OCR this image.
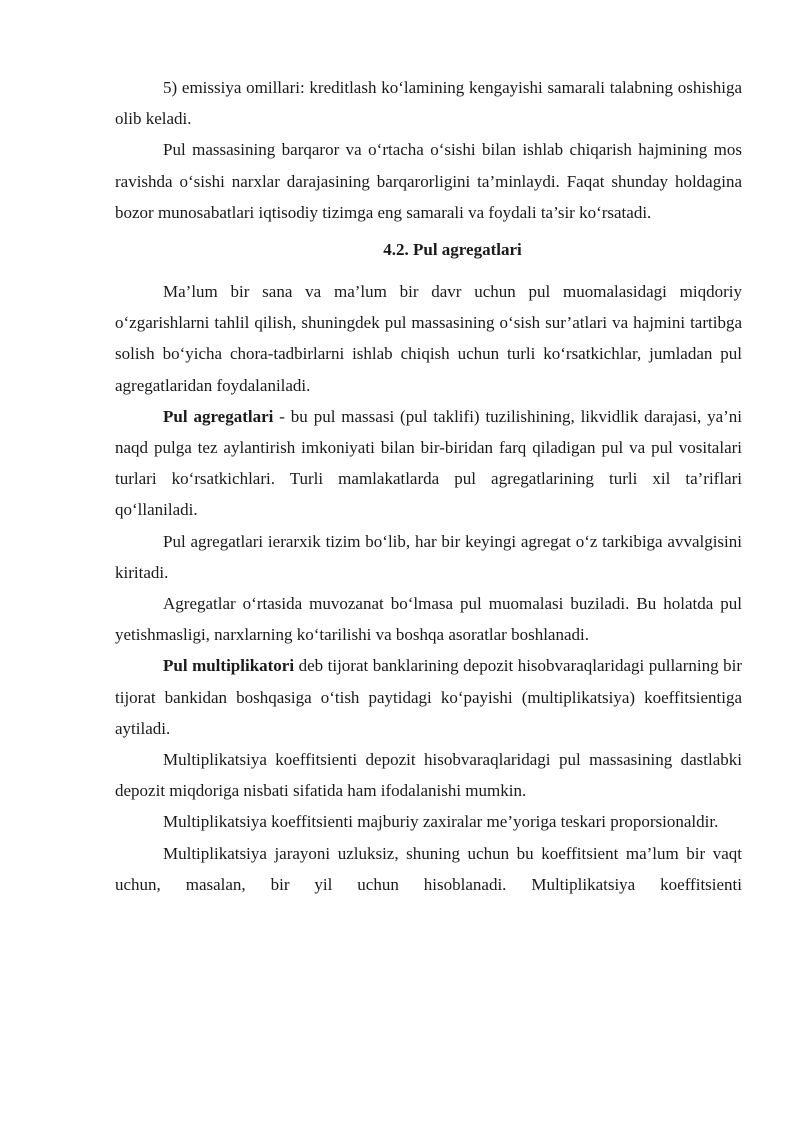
5) emissiya omillari: kreditlash ko‘lamining kengayishi samarali talabning oshishiga olib keladi.

Pul massasining barqaror va o‘rtacha o‘sishi bilan ishlab chiqarish hajmining mos ravishda o‘sishi narxlar darajasining barqarorligini ta’minlaydi. Faqat shunday holdagina bozor munosabatlari iqtisodiy tizimga eng samarali va foydali ta’sir ko‘rsatadi.

4.2. Pul agregatlari

Ma’lum bir sana va ma’lum bir davr uchun pul muomalasidagi miqdoriy o‘zgarishlarni tahlil qilish, shuningdek pul massasining o‘sish sur’atlari va hajmini tartibga solish bo‘yicha chora-tadbirlarni ishlab chiqish uchun turli ko‘rsatkichlar, jumladan pul agregatlaridan foydalaniladi.

Pul agregatlari - bu pul massasi (pul taklifi) tuzilishining, likvidlik darajasi, ya’ni naqd pulga tez aylantirish imkoniyati bilan bir-biridan farq qiladigan pul va pul vositalari turlari ko‘rsatkichlari. Turli mamlakatlarda pul agregatlarining turli xil ta’riflari qo‘llaniladi.

Pul agregatlari ierarxik tizim bo‘lib, har bir keyingi agregat o‘z tarkibiga avvalgisini kiritadi.

Agregatlar o‘rtasida muvozanat bo‘lmasa pul muomalasi buziladi. Bu holatda pul yetishmasligi, narxlarning ko‘tarilishi va boshqa asoratlar boshlanadi.

Pul multiplikatori deb tijorat banklarining depozit hisobvaraqlaridagi pullarning bir tijorat bankidan boshqasiga o‘tish paytidagi ko‘payishi (multiplikatsiya) koeffitsientiga aytiladi.

Multiplikatsiya koeffitsienti depozit hisobvaraqlaridagi pul massasining dastlabki depozit miqdoriga nisbati sifatida ham ifodalanishi mumkin.

Multiplikatsiya koeffitsienti majburiy zaxiralar me’yoriga teskari proporsionaldir.

Multiplikatsiya jarayoni uzluksiz, shuning uchun bu koeffitsient ma’lum bir vaqt uchun, masalan, bir yil uchun hisoblanadi. Multiplikatsiya koeffitsienti
